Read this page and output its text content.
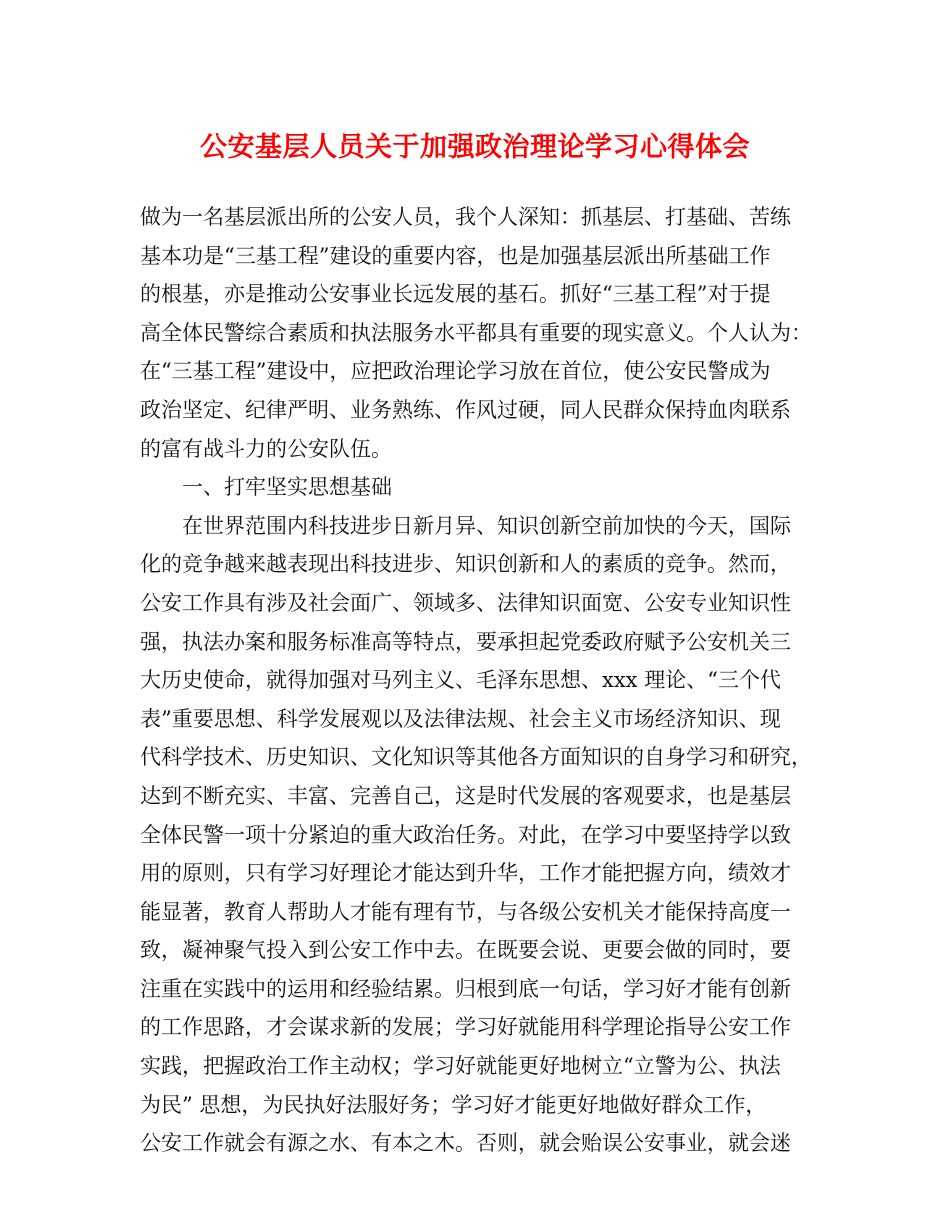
公安基层人员关于加强政治理论学习心得体会
做为一名基层派出所的公安人员，我个人深知：抓基层、打基础、苦练
基本功是“三基工程”建设的重要内容，也是加强基层派出所基础工作
的根基，亦是推动公安事业长远发展的基石。抓好“三基工程”对于提
高全体民警综合素质和执法服务水平都具有重要的现实意义。个人认为：
在“三基工程”建设中，应把政治理论学习放在首位，使公安民警成为
政治坚定、纪律严明、业务熟练、作风过硬，同人民群众保持血肉联系
的富有战斗力的公安队伍。
一、打牢坚实思想基础
在世界范围内科技进步日新月异、知识创新空前加快的今天，国际
化的竞争越来越表现出科技进步、知识创新和人的素质的竞争。然而，
公安工作具有涉及社会面广、领域多、法律知识面宽、公安专业知识性
强，执法办案和服务标准高等特点，要承担起党委政府赋予公安机关三
大历史使命，就得加强对马列主义、毛泽东思想、xxx 理论、“三个代
表”重要思想、科学发展观以及法律法规、社会主义市场经济知识、现
代科学技术、历史知识、文化知识等其他各方面知识的自身学习和研究，
达到不断充实、丰富、完善自己，这是时代发展的客观要求，也是基层
全体民警一项十分紧迫的重大政治任务。对此，在学习中要坚持学以致
用的原则，只有学习好理论才能达到升华，工作才能把握方向，绩效才
能显著，教育人帮助人才能有理有节，与各级公安机关才能保持高度一
致，凝神聚气投入到公安工作中去。在既要会说、更要会做的同时，要
注重在实践中的运用和经验结累。归根到底一句话，学习好才能有创新
的工作思路，才会谋求新的发展；学习好就能用科学理论指导公安工作
实践，把握政治工作主动权；学习好就能更好地树立“立警为公、执法
为民” 思想，为民执好法服好务；学习好才能更好地做好群众工作，
公安工作就会有源之水、有本之木。否则，就会贻误公安事业，就会迷
